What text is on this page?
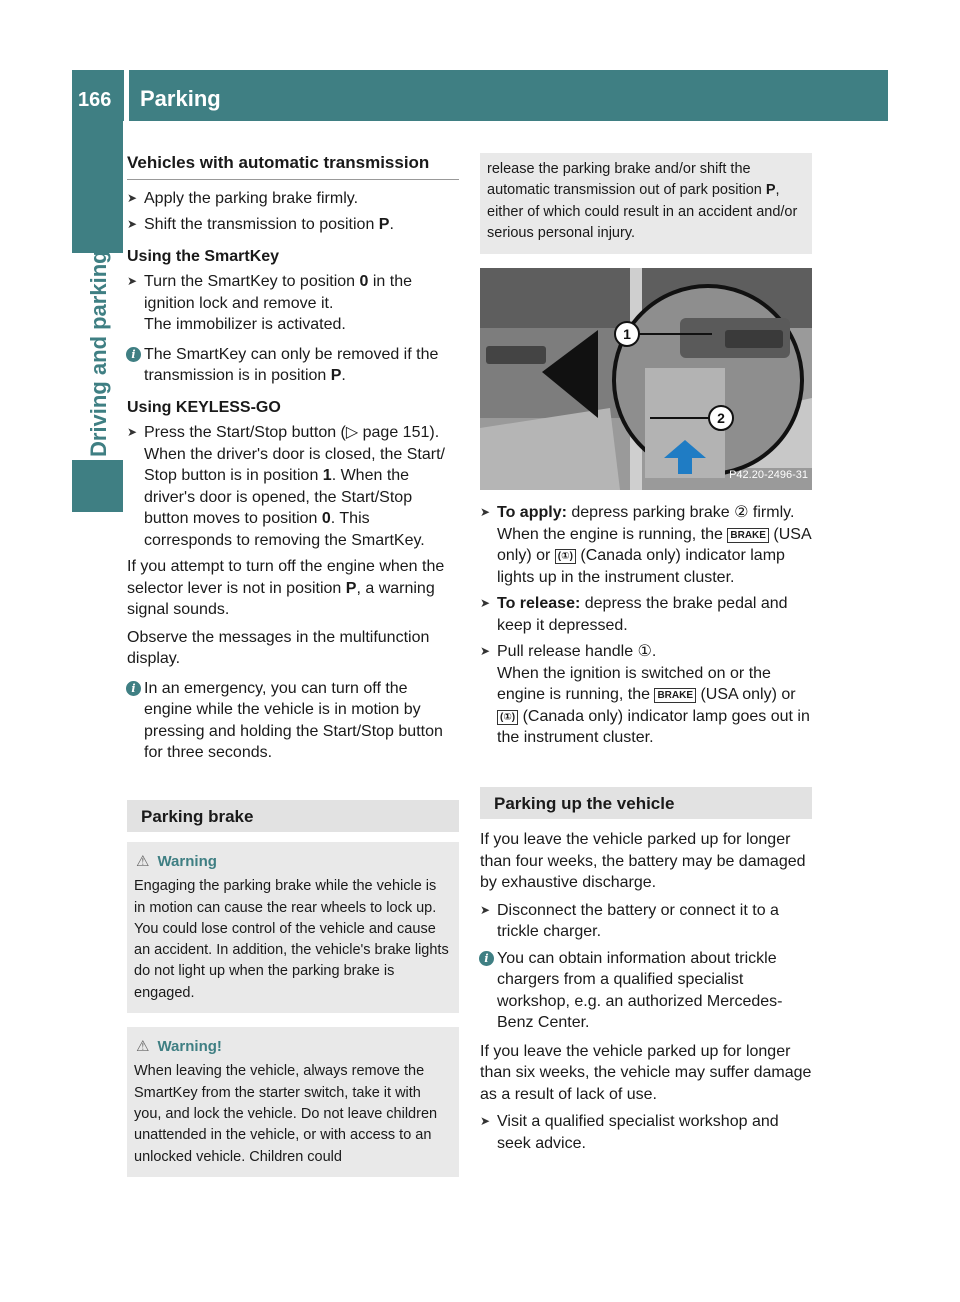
166 Parking
Driving and parking
Vehicles with automatic transmission
➤ Apply the parking brake firmly.
➤ Shift the transmission to position P.
Using the SmartKey
➤ Turn the SmartKey to position 0 in the ignition lock and remove it.
The immobilizer is activated.
i The SmartKey can only be removed if the transmission is in position P.
Using KEYLESS-GO
➤ Press the Start/Stop button (▷ page 151).
When the driver's door is closed, the Start/ Stop button is in position 1. When the driver's door is opened, the Start/Stop button moves to position 0. This corresponds to removing the SmartKey.

If you attempt to turn off the engine when the selector lever is not in position P, a warning signal sounds.

Observe the messages in the multifunction display.

i In an emergency, you can turn off the engine while the vehicle is in motion by pressing and holding the Start/Stop button for three seconds.
Parking brake
⚠ Warning
Engaging the parking brake while the vehicle is in motion can cause the rear wheels to lock up. You could lose control of the vehicle and cause an accident. In addition, the vehicle's brake lights do not light up when the parking brake is engaged.
⚠ Warning!
When leaving the vehicle, always remove the SmartKey from the starter switch, take it with you, and lock the vehicle. Do not leave children unattended in the vehicle, or with access to an unlocked vehicle. Children could
release the parking brake and/or shift the automatic transmission out of park position P, either of which could result in an accident and/or serious personal injury.
1
2
P42.20-2496-31
➤ To apply: depress parking brake ② firmly. When the engine is running, the BRAKE (USA only) or (①) (Canada only) indicator lamp lights up in the instrument cluster.
➤ To release: depress the brake pedal and keep it depressed.
➤ Pull release handle ①.
When the ignition is switched on or the engine is running, the BRAKE (USA only) or (①) (Canada only) indicator lamp goes out in the instrument cluster.
Parking up the vehicle

If you leave the vehicle parked up for longer than four weeks, the battery may be damaged by exhaustive discharge.

➤ Disconnect the battery or connect it to a trickle charger.
i You can obtain information about trickle chargers from a qualified specialist workshop, e.g. an authorized Mercedes-Benz Center.

If you leave the vehicle parked up for longer than six weeks, the vehicle may suffer damage as a result of lack of use.

➤ Visit a qualified specialist workshop and seek advice.
